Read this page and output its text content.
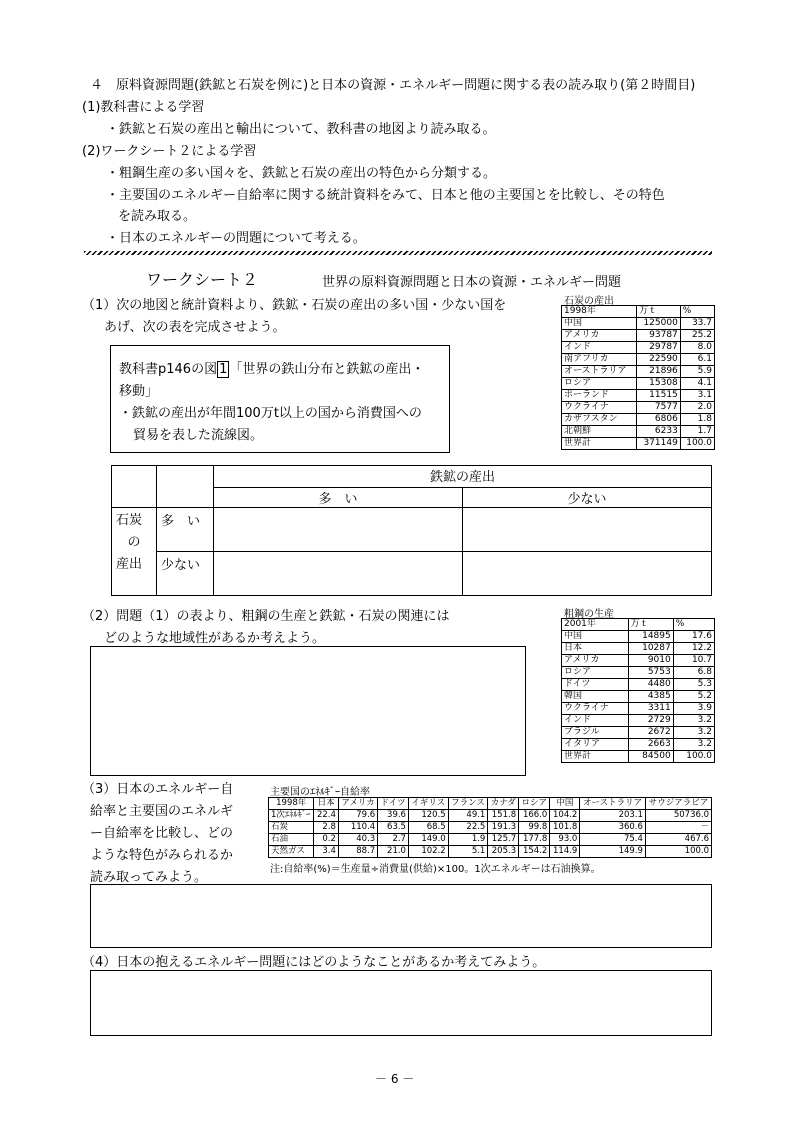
４　原料資源問題(鉄鉱と石炭を例に)と日本の資源・エネルギー問題に関する表の読み取り(第２時間目)
(1)教科書による学習
・鉄鉱と石炭の産出と輸出について、教科書の地図より読み取る。
(2)ワークシート２による学習
・粗鋼生産の多い国々を、鉄鉱と石炭の産出の特色から分類する。
・主要国のエネルギー自給率に関する統計資料をみて、日本と他の主要国とを比較し、その特色
を読み取る。
・日本のエネルギーの問題について考える。
ワークシート２	世界の原料資源問題と日本の資源・エネルギー問題
（1）次の地図と統計資料より、鉄鉱・石炭の産出の多い国・少ない国を
あげ、次の表を完成させよう。
教科書p146の図 1 「世界の鉄山分布と鉄鉱の産出・
移動」
・鉄鉱の産出が年間100万t以上の国から消費国への
貿易を表した流線図。
石炭の産出
1998年	万ｔ	%
中国	125000	33.7
アメリカ	93787	25.2
インド	29787	8.0
南アフリカ	22590	6.1
オーストラリア	21896	5.9
ロシア	15308	4.1
ポーランド	11515	3.1
ウクライナ	7577	2.0
カザフスタン	6806	1.8
北朝鮮	6233	1.7
世界計	371149	100.0
		鉄鉱の産出	
		多　い	少ない

石炭
の
産出	多　い		
	少ない		
（2）問題（1）の表より、粗鋼の生産と鉄鉱・石炭の関連には
どのような地域性があるか考えよう。
粗鋼の生産
2001年	万ｔ	%
中国	14895	17.6
日本	10287	12.2
アメリカ	9010	10.7
ロシア	5753	6.8
ドイツ	4480	5.3
韓国	4385	5.2
ウクライナ	3311	3.9
インド	2729	3.2
ブラジル	2672	3.2
イタリア	2663	3.2
世界計	84500	100.0
（3）日本のエネルギー自
給率と主要国のエネルギ
ー自給率を比較し、どの
ような特色がみられるか
読み取ってみよう。
主要国のｴﾈﾙｷﾞｰ自給率
1998年	日本	アメリカ	ドイツ	イギリス	フランス	カナダ	ロシア	中国	オーストラリア	サウジアラビア
1次ｴﾈﾙｷﾞｰ	22.4	79.6	39.6	120.5	49.1	151.8	166.0	104.2	203.1	50736.0
石炭	2.8	110.4	63.5	68.5	22.5	191.3	99.8	101.8	360.6	－
石油	0.2	40.3	2.7	149.0	1.9	125.7	177.8	93.0	75.4	467.6
天然ガス	3.4	88.7	21.0	102.2	5.1	205.3	154.2	114.9	149.9	100.0
注:自給率(%)＝生産量÷消費量(供給)×100。1次エネルギーは石油換算。
（4）日本の抱えるエネルギー問題にはどのようなことがあるか考えてみよう。
－ 6 －
